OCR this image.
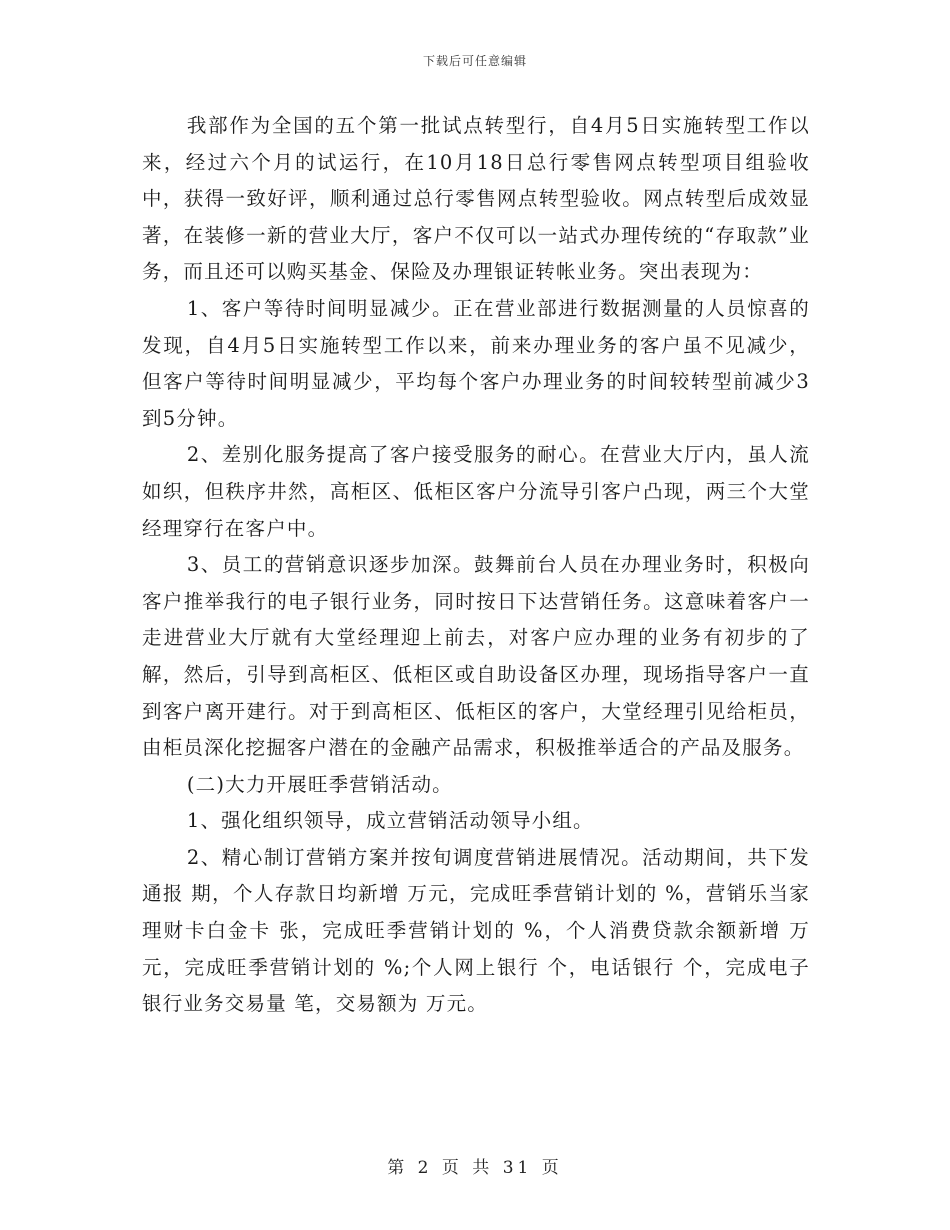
下载后可任意编辑

我部作为全国的五个第一批试点转型行，自4月5日实施转型工作以来，经过六个月的试运行，在10月18日总行零售网点转型项目组验收中，获得一致好评，顺利通过总行零售网点转型验收。网点转型后成效显著，在装修一新的营业大厅，客户不仅可以一站式办理传统的“存取款”业务，而且还可以购买基金、保险及办理银证转帐业务。突出表现为：

1、客户等待时间明显减少。正在营业部进行数据测量的人员惊喜的发现，自4月5日实施转型工作以来，前来办理业务的客户虽不见减少，但客户等待时间明显减少，平均每个客户办理业务的时间较转型前减少3到5分钟。

2、差别化服务提高了客户接受服务的耐心。在营业大厅内，虽人流如织，但秩序井然，高柜区、低柜区客户分流导引客户凸现，两三个大堂经理穿行在客户中。

3、员工的营销意识逐步加深。鼓舞前台人员在办理业务时，积极向客户推举我行的电子银行业务，同时按日下达营销任务。这意味着客户一走进营业大厅就有大堂经理迎上前去，对客户应办理的业务有初步的了解，然后，引导到高柜区、低柜区或自助设备区办理，现场指导客户一直到客户离开建行。对于到高柜区、低柜区的客户，大堂经理引见给柜员，由柜员深化挖掘客户潜在的金融产品需求，积极推举适合的产品及服务。

(二)大力开展旺季营销活动。

1、强化组织领导，成立营销活动领导小组。

2、精心制订营销方案并按旬调度营销进展情况。活动期间，共下发通报 期，个人存款日均新增 万元，完成旺季营销计划的 %，营销乐当家理财卡白金卡 张，完成旺季营销计划的 %，个人消费贷款余额新增 万元，完成旺季营销计划的 %;个人网上银行 个，电话银行 个，完成电子银行业务交易量 笔，交易额为 万元。

第 2 页 共 31 页
